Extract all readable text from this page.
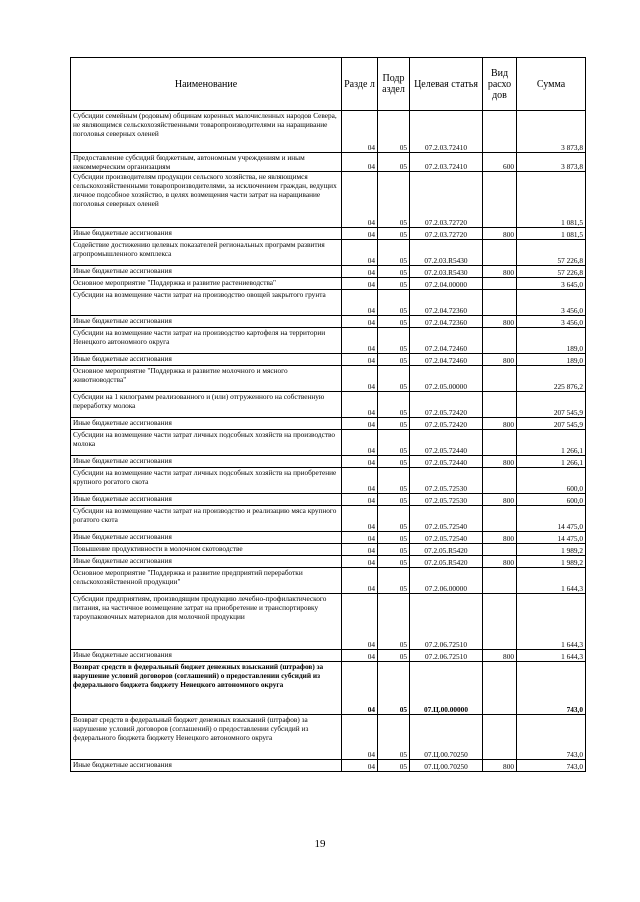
Наименование	Разде л	Подр аздел	Целевая статья	Вид расхо дов	Сумма
Субсидии семейным (родовым) общинам коренных малочисленных народов Севера, не являющимся сельскохозяйственными товаропроизводителями на наращивание поголовья северных оленей	04	05	07.2.03.72410		3 873,8
Предоставление субсидий бюджетным, автономным учреждениям и иным некоммерческим организациям	04	05	07.2.03.72410	600	3 873,8
Субсидии производителям продукции сельского хозяйства, не являющимся сельскохозяйственными товаропроизводителями, за исключением граждан, ведущих личное подсобное хозяйство, в целях возмещения части затрат на наращивание поголовья северных оленей	04	05	07.2.03.72720		1 081,5
Иные бюджетные ассигнования	04	05	07.2.03.72720	800	1 081,5
Содействие достижению целевых показателей региональных программ развития агропромышленного комплекса	04	05	07.2.03.R5430		57 226,8
Иные бюджетные ассигнования	04	05	07.2.03.R5430	800	57 226,8
Основное мероприятие "Поддержка и развитие растениеводства"	04	05	07.2.04.00000		3 645,0
Субсидии на возмещение части затрат на производство овощей закрытого грунта	04	05	07.2.04.72360		3 456,0
Иные бюджетные ассигнования	04	05	07.2.04.72360	800	3 456,0
Субсидии на возмещение части затрат на производство картофеля на территории Ненецкого автономного округа	04	05	07.2.04.72460		189,0
Иные бюджетные ассигнования	04	05	07.2.04.72460	800	189,0
Основное мероприятие "Поддержка и развитие молочного и мясного животноводства"	04	05	07.2.05.00000		225 876,2
Субсидии на 1 килограмм реализованного и (или) отгруженного на собственную переработку молока	04	05	07.2.05.72420		207 545,9
Иные бюджетные ассигнования	04	05	07.2.05.72420	800	207 545,9
Субсидии на возмещение части затрат личных подсобных хозяйств на производство молока	04	05	07.2.05.72440		1 266,1
Иные бюджетные ассигнования	04	05	07.2.05.72440	800	1 266,1
Субсидии на возмещение части затрат личных подсобных хозяйств на приобретение крупного рогатого скота	04	05	07.2.05.72530		600,0
Иные бюджетные ассигнования	04	05	07.2.05.72530	800	600,0
Субсидии на возмещение части затрат на производство и реализацию мяса крупного рогатого скота	04	05	07.2.05.72540		14 475,0
Иные бюджетные ассигнования	04	05	07.2.05.72540	800	14 475,0
Повышение продуктивности в молочном скотоводстве	04	05	07.2.05.R5420		1 989,2
Иные бюджетные ассигнования	04	05	07.2.05.R5420	800	1 989,2
Основное мероприятие "Поддержка и развитие предприятий переработки сельскохозяйственной продукции"	04	05	07.2.06.00000		1 644,3
Субсидии предприятиям, производящим продукцию лечебно-профилактического питания, на частичное возмещение затрат на приобретение и транспортировку тароупаковочных материалов для молочной продукции	04	05	07.2.06.72510		1 644,3
Иные бюджетные ассигнования	04	05	07.2.06.72510	800	1 644,3
Возврат средств в федеральный бюджет денежных взысканий (штрафов) за нарушение условий договоров (соглашений) о предоставлении субсидий из федерального бюджета бюджету Ненецкого автономного округа	04	05	07.Ц.00.00000		743,0
Возврат средств в федеральный бюджет денежных взысканий (штрафов) за нарушение условий договоров (соглашений) о предоставлении субсидий из федерального бюджета бюджету Ненецкого автономного округа	04	05	07.Ц.00.70250		743,0
Иные бюджетные ассигнования	04	05	07.Ц.00.70250	800	743,0
19
